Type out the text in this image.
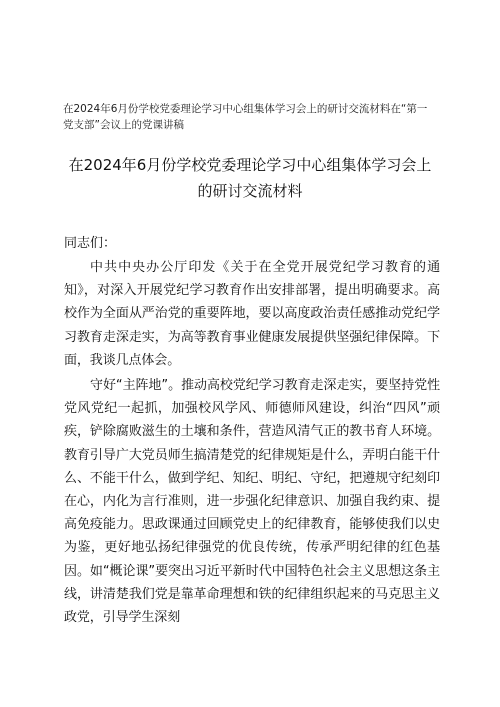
在2024年6月份学校党委理论学习中心组集体学习会上的研讨交流材料在“第一党支部”会议上的党课讲稿
在2024年6月份学校党委理论学习中心组集体学习会上
的研讨交流材料
同志们：

中共中央办公厅印发《关于在全党开展党纪学习教育的通知》，对深入开展党纪学习教育作出安排部署，提出明确要求。高校作为全面从严治党的重要阵地，要以高度政治责任感推动党纪学习教育走深走实，为高等教育事业健康发展提供坚强纪律保障。下面，我谈几点体会。

守好“主阵地”。推动高校党纪学习教育走深走实，要坚持党性党风党纪一起抓，加强校风学风、师德师风建设，纠治“四风”顽疾，铲除腐败滋生的土壤和条件，营造风清气正的教书育人环境。教育引导广大党员师生搞清楚党的纪律规矩是什么，弄明白能干什么、不能干什么，做到学纪、知纪、明纪、守纪，把遵规守纪刻印在心，内化为言行准则，进一步强化纪律意识、加强自我约束、提高免疫能力。思政课通过回顾党史上的纪律教育，能够使我们以史为鉴，更好地弘扬纪律强党的优良传统，传承严明纪律的红色基因。如“概论课”要突出习近平新时代中国特色社会主义思想这条主线，讲清楚我们党是靠革命理想和铁的纪律组织起来的马克思主义政党，引导学生深刻
